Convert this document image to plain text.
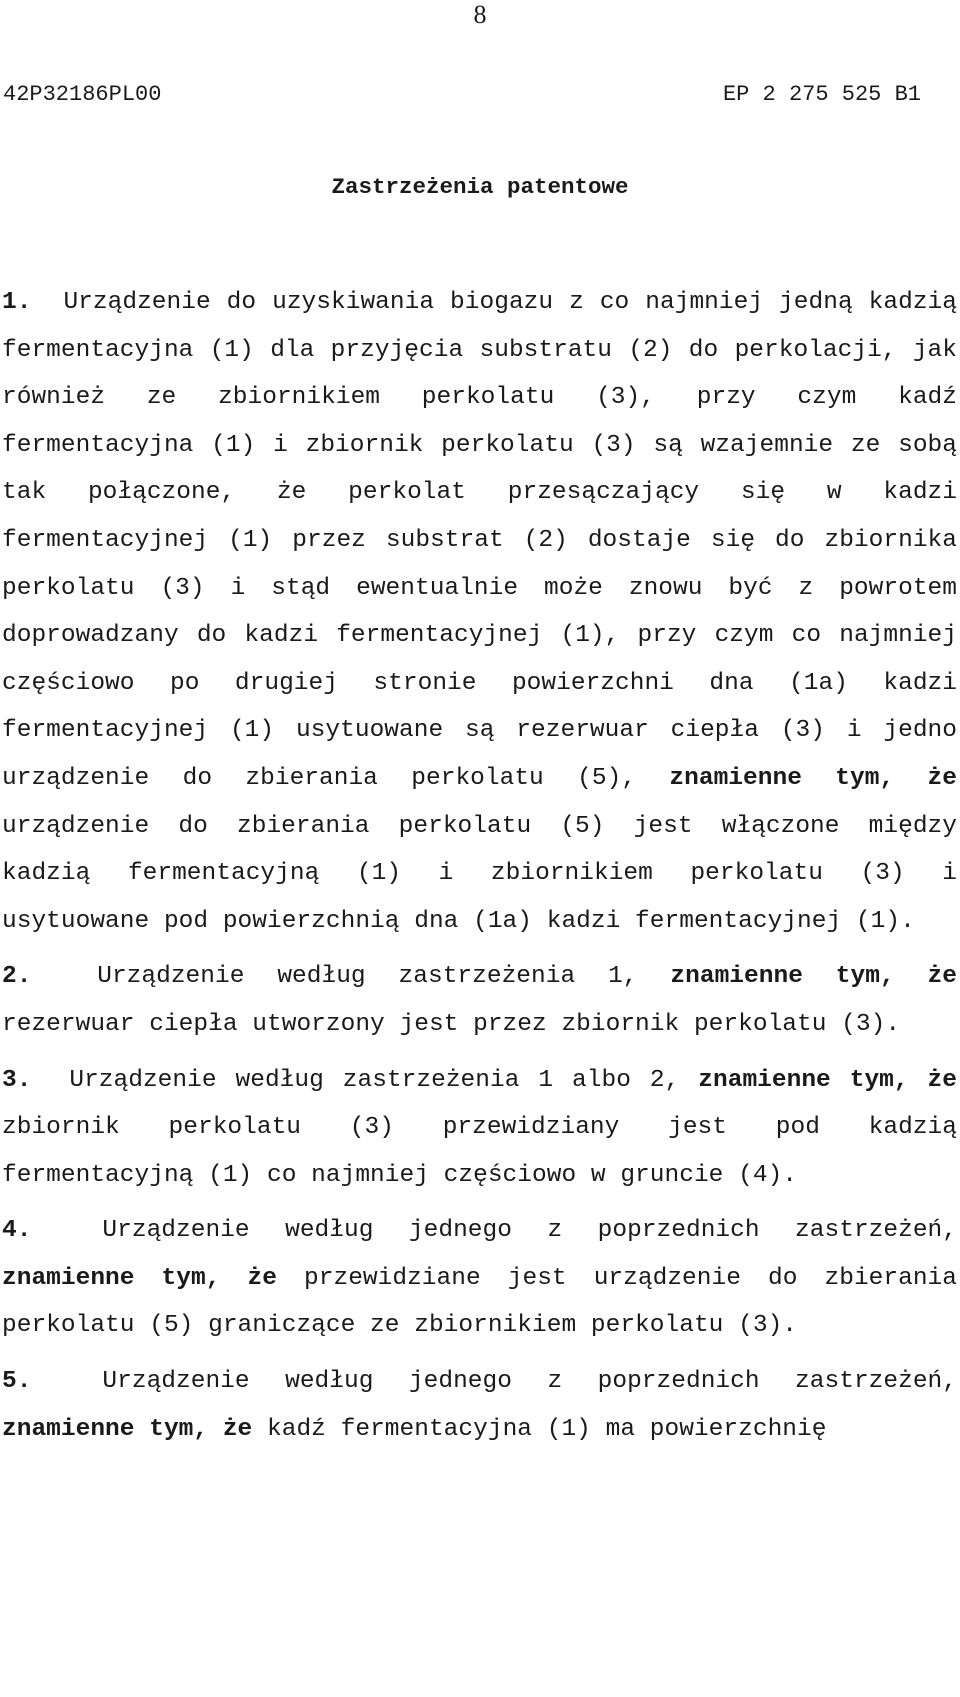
8
42P32186PL00	EP 2 275 525 B1
Zastrzeżenia patentowe

1. Urządzenie do uzyskiwania biogazu z co najmniej jedną kadzią fermentacyjna (1) dla przyjęcia substratu (2) do perkolacji, jak również ze zbiornikiem perkolatu (3), przy czym kadź fermentacyjna (1) i zbiornik perkolatu (3) są wzajemnie ze sobą tak połączone, że perkolat przesączający się w kadzi fermentacyjnej (1) przez substrat (2) dostaje się do zbiornika perkolatu (3) i stąd ewentualnie może znowu być z powrotem doprowadzany do kadzi fermentacyjnej (1), przy czym co najmniej częściowo po drugiej stronie powierzchni dna (1a) kadzi fermentacyjnej (1) usytuowane są rezerwuar ciepła (3) i jedno urządzenie do zbierania perkolatu (5), znamienne tym, że urządzenie do zbierania perkolatu (5) jest włączone między kadzią fermentacyjną (1) i zbiornikiem perkolatu (3) i usytuowane pod powierzchnią dna (1a) kadzi fermentacyjnej (1).

2.	Urządzenie według zastrzeżenia 1, znamienne tym, że rezerwuar ciepła utworzony jest przez zbiornik perkolatu (3).

3. Urządzenie według zastrzeżenia 1 albo 2, znamienne tym, że zbiornik perkolatu (3) przewidziany jest pod kadzią fermentacyjną (1) co najmniej częściowo w gruncie (4).

4.	Urządzenie według jednego z poprzednich zastrzeżeń, znamienne tym, że przewidziane jest urządzenie do zbierania perkolatu (5) graniczące ze zbiornikiem perkolatu (3).

5.	Urządzenie według jednego z poprzednich zastrzeżeń, znamienne tym, że kadź fermentacyjna (1) ma powierzchnię
